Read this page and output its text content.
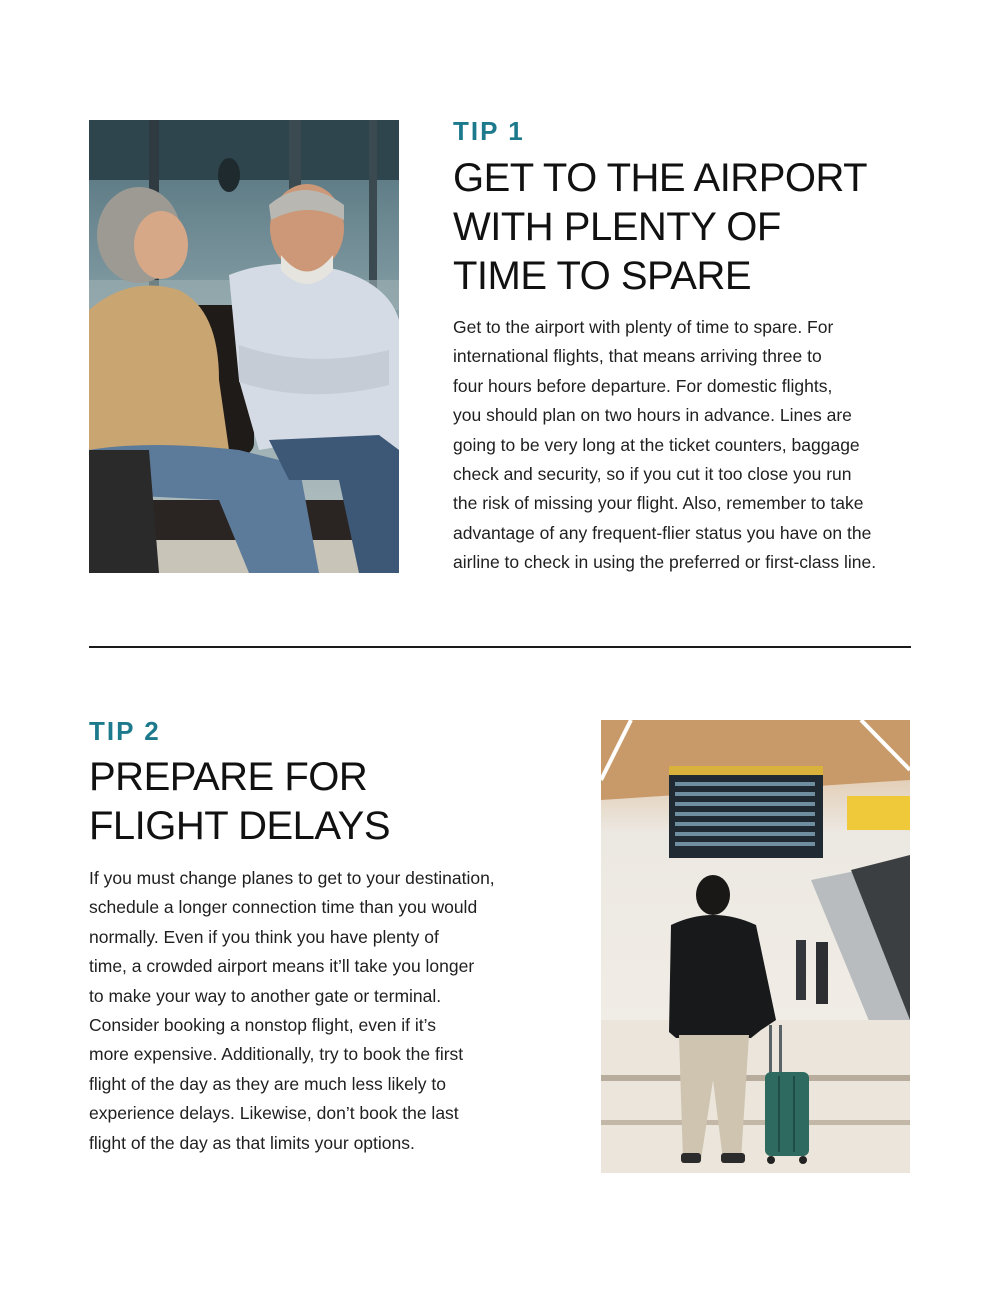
TIP 1
GET TO THE AIRPORT
WITH PLENTY OF
TIME TO SPARE

Get to the airport with plenty of time to spare. For
international flights, that means arriving three to
four hours before departure. For domestic flights,
you should plan on two hours in advance. Lines are
going to be very long at the ticket counters, baggage
check and security, so if you cut it too close you run
the risk of missing your flight. Also, remember to take
advantage of any frequent-flier status you have on the
airline to check in using the preferred or first-class line.

TIP 2
PREPARE FOR
FLIGHT DELAYS

If you must change planes to get to your destination,
schedule a longer connection time than you would
normally. Even if you think you have plenty of
time, a crowded airport means it’ll take you longer
to make your way to another gate or terminal.
Consider booking a nonstop flight, even if it’s
more expensive. Additionally, try to book the first
flight of the day as they are much less likely to
experience delays. Likewise, don’t book the last
flight of the day as that limits your options.
